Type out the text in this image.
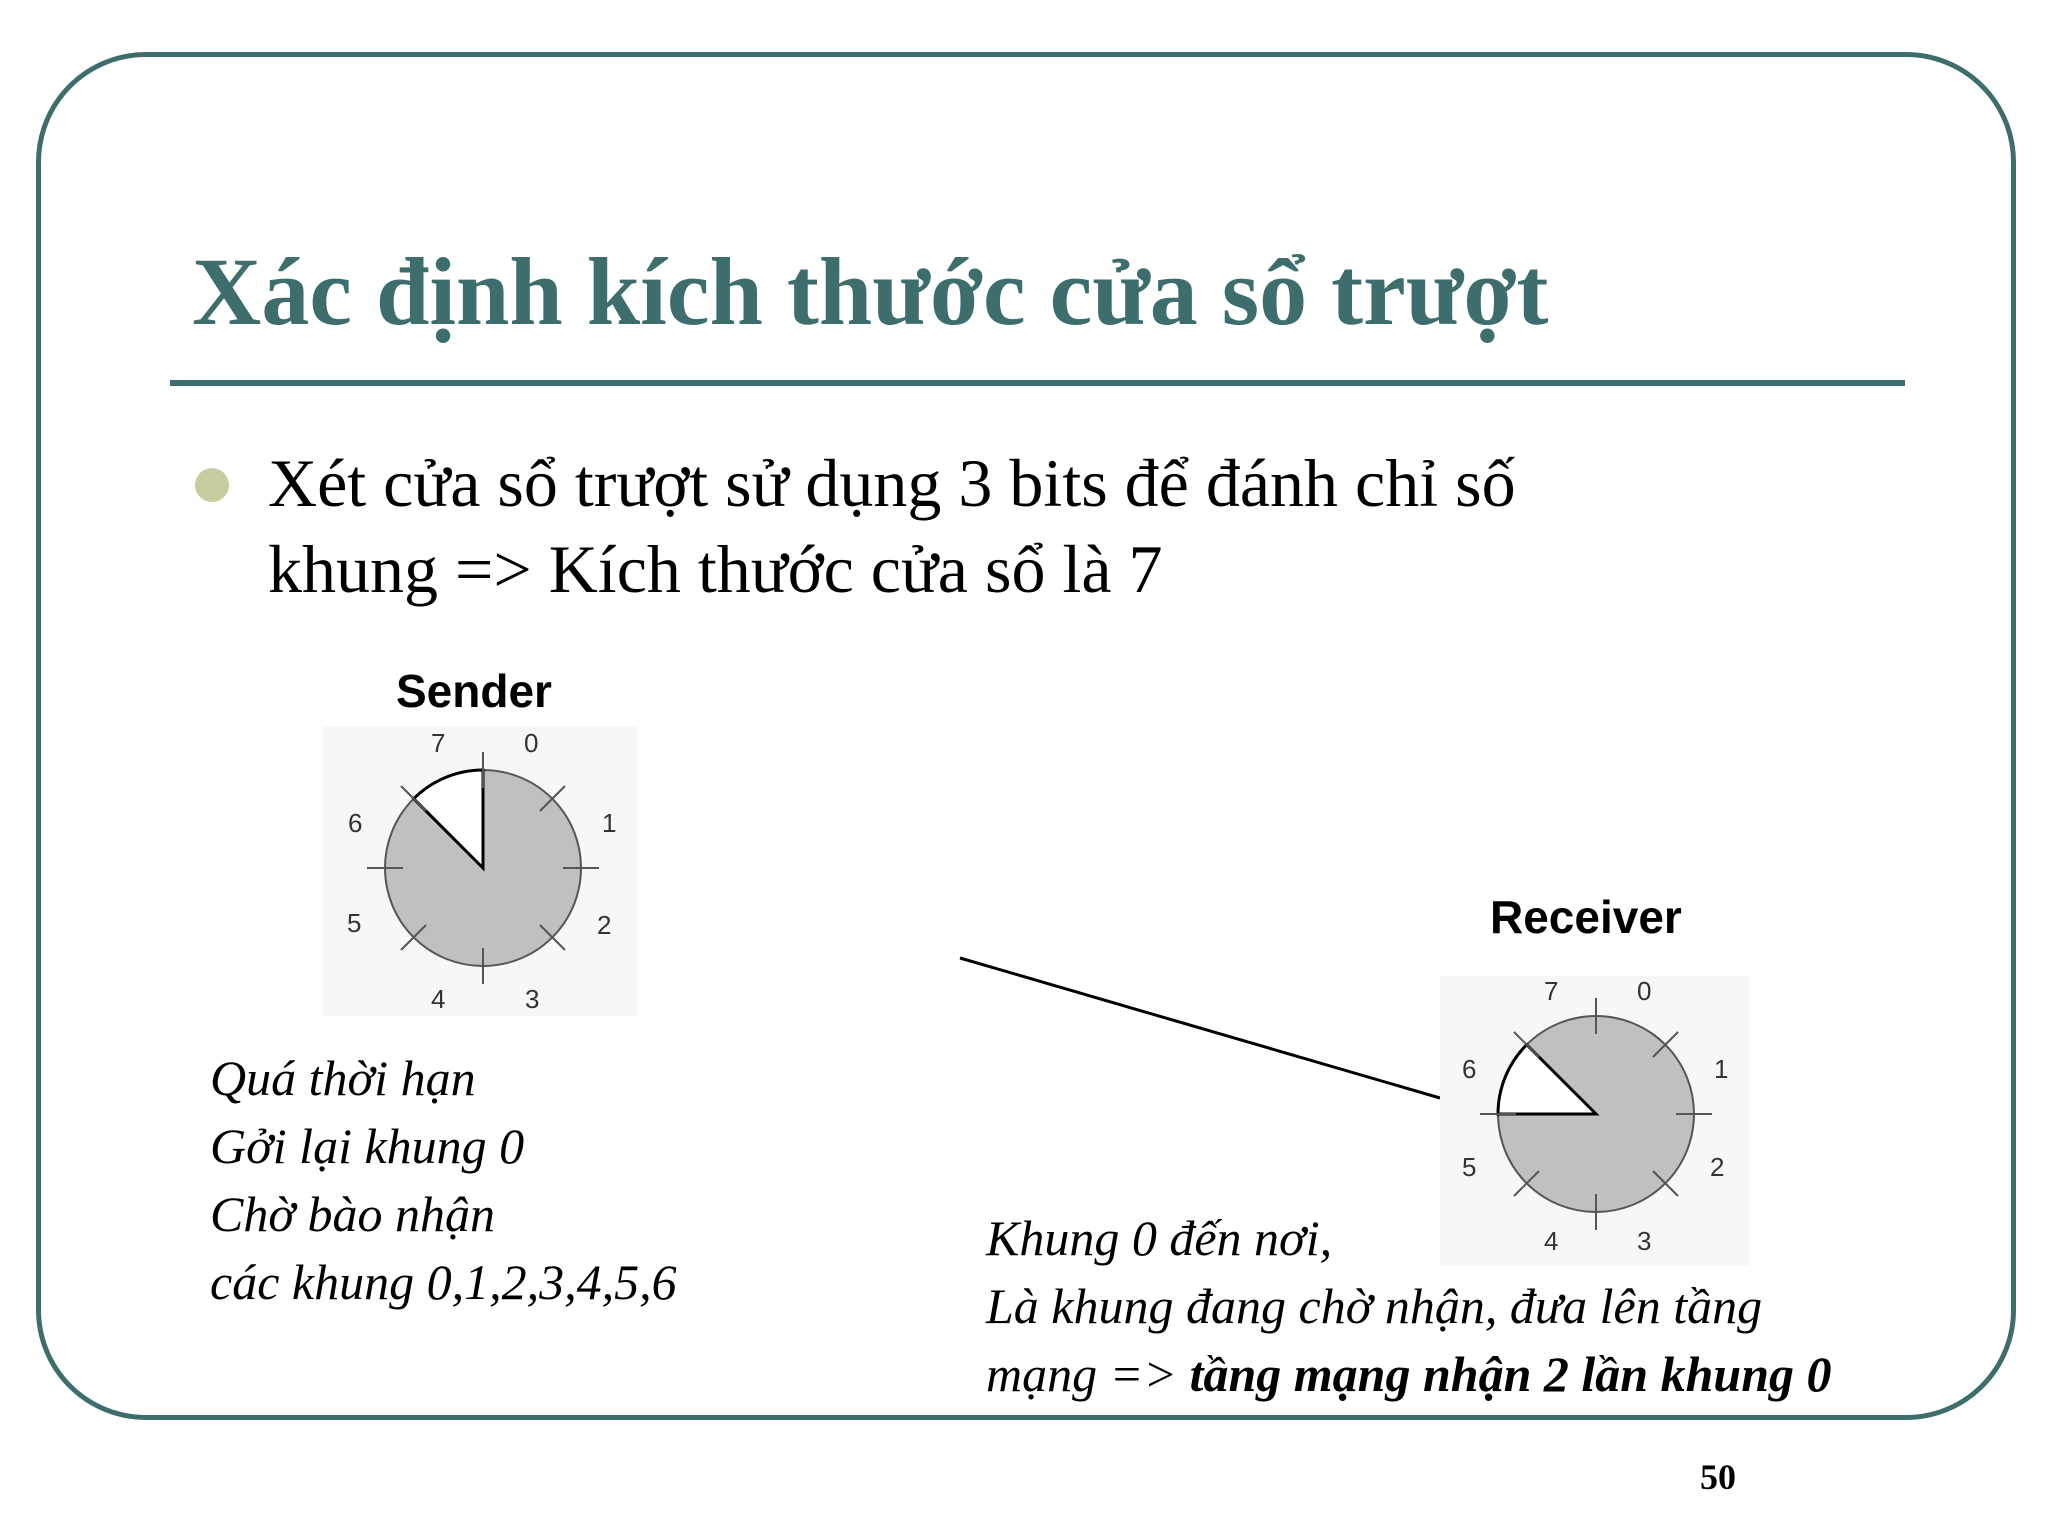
Xác định kích thước cửa sổ trượt
Xét cửa sổ trượt sử dụng 3 bits để đánh chỉ số
khung => Kích thước cửa sổ là 7
Sender
Receiver
7	0
1
2
3
4
5
6
7	0
1
2
3
4
5
6
Quá thời hạn
Gởi lại khung 0
Chờ bào nhận
các khung 0,1,2,3,4,5,6
Khung 0 đến nơi,
Là khung đang chờ nhận, đưa lên tầng
mạng => tầng mạng nhận 2 lần khung 0
50
